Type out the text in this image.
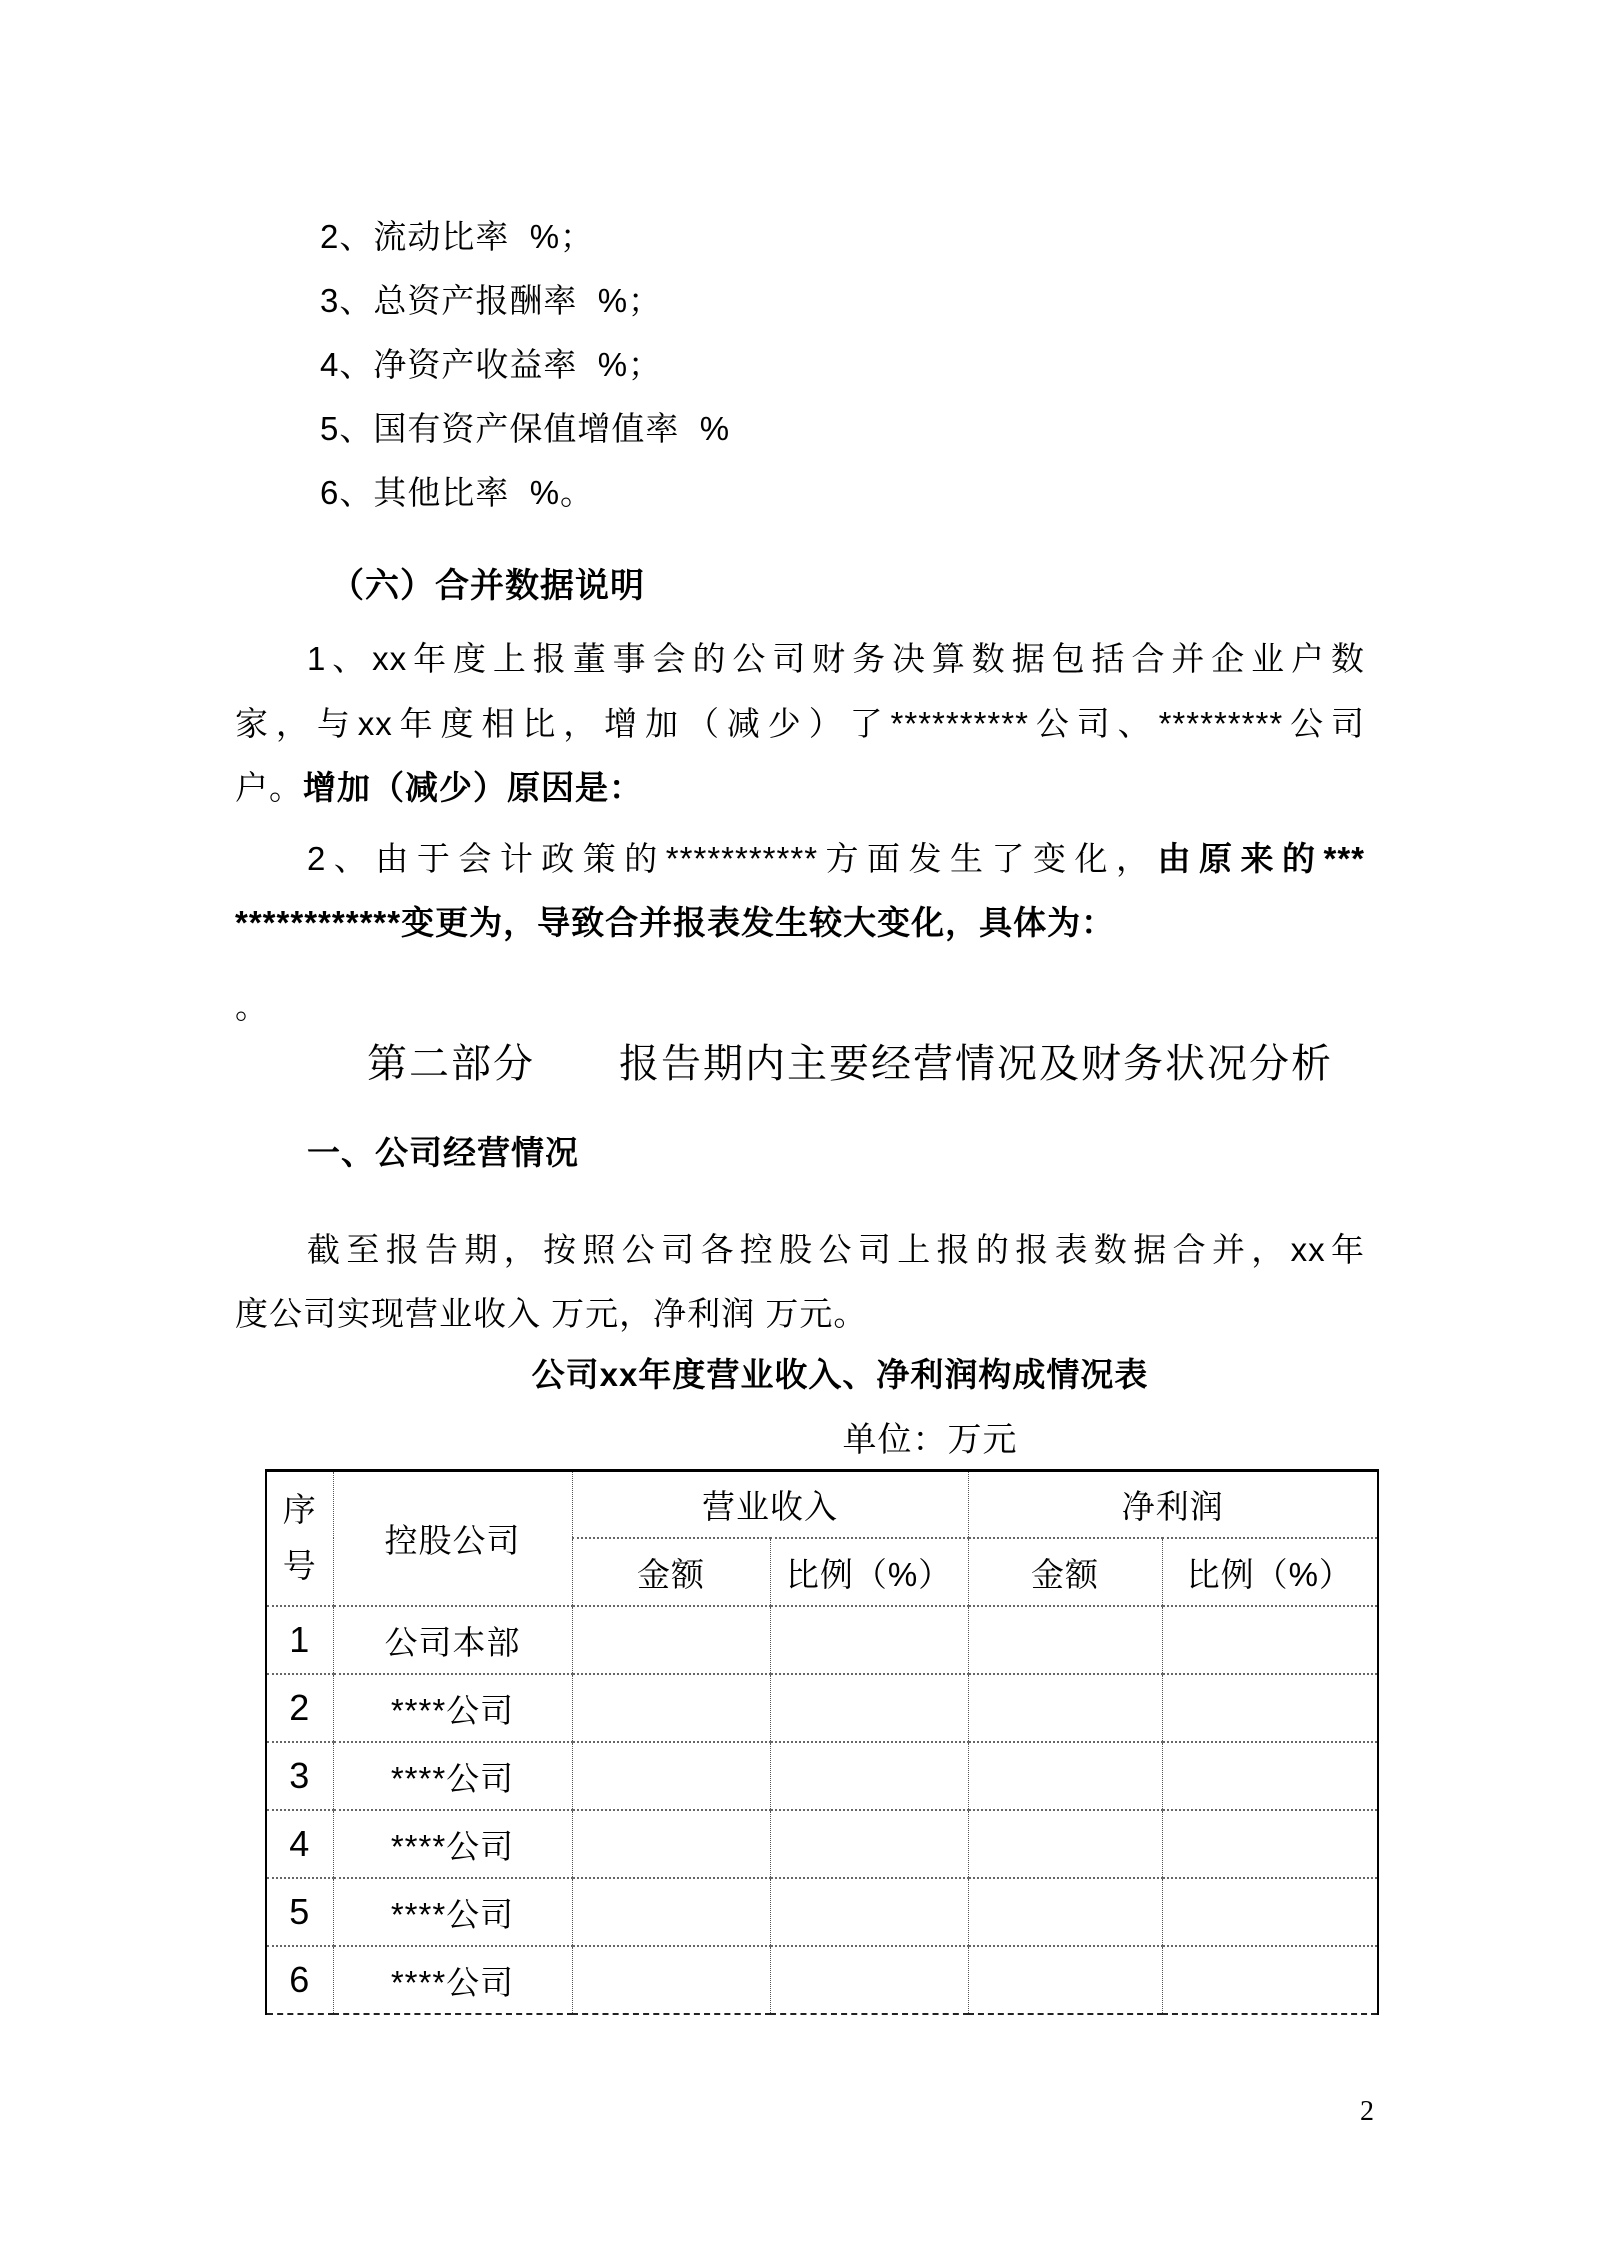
2、流动比率  %；
3、总资产报酬率  %；
4、净资产收益率  %；
5、国有资产保值增值率  %
6、其他比率  %。
（六）合并数据说明
1、xx年度上报董事会的公司财务决算数据包括合并企业户数
家，与xx年度相比，增加（减少）了**********公司、*********公司
户。增加（减少）原因是：
2、由于会计政策的***********方面发生了变化，由原来的***
************变更为，导致合并报表发生较大变化，具体为：
。
第二部分　　报告期内主要经营情况及财务状况分析
一、公司经营情况
截至报告期，按照公司各控股公司上报的报表数据合并，xx年
度公司实现营业收入 万元，净利润 万元。
公司xx年度营业收入、净利润构成情况表
单位：万元
序号	控股公司	营业收入		净利润	
		金额	比例（%）	金额	比例（%）
1	公司本部				
2	****公司				
3	****公司				
4	****公司				
5	****公司				
6	****公司				
2
